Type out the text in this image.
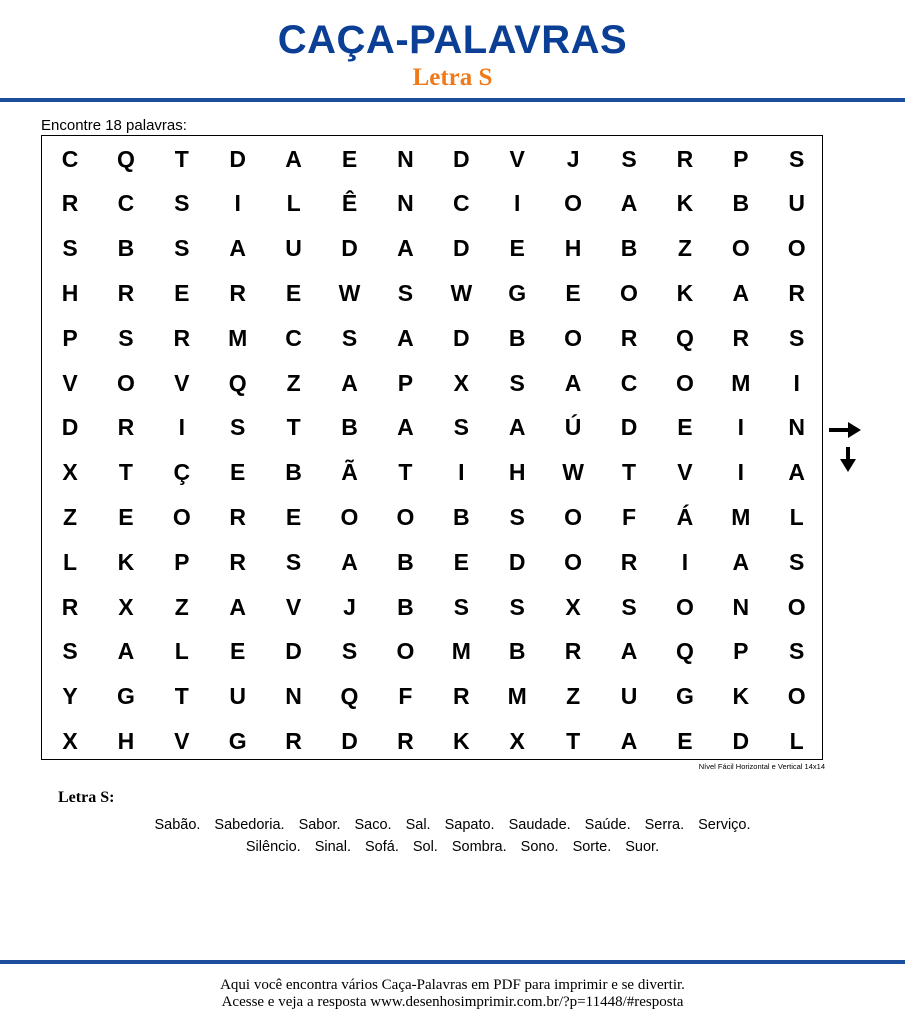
CAÇA-PALAVRAS
Letra S
Encontre 18 palavras:
C	Q	T	D	A	E	N	D	V	J	S	R	P	S
R	C	S	I	L	Ê	N	C	I	O	A	K	B	U
S	B	S	A	U	D	A	D	E	H	B	Z	O	O
H	R	E	R	E	W	S	W	G	E	O	K	A	R
P	S	R	M	C	S	A	D	B	O	R	Q	R	S
V	O	V	Q	Z	A	P	X	S	A	C	O	M	I
D	R	I	S	T	B	A	S	A	Ú	D	E	I	N
X	T	Ç	E	B	Ã	T	I	H	W	T	V	I	A
Z	E	O	R	E	O	O	B	S	O	F	Á	M	L
L	K	P	R	S	A	B	E	D	O	R	I	A	S
R	X	Z	A	V	J	B	S	S	X	S	O	N	O
S	A	L	E	D	S	O	M	B	R	A	Q	P	S
Y	G	T	U	N	Q	F	R	M	Z	U	G	K	O
X	H	V	G	R	D	R	K	X	T	A	E	D	L
Nível Fácil Horizontal e Vertical 14x14
Letra S:
Sabão. Sabedoria. Sabor. Saco. Sal. Sapato. Saudade. Saúde. Serra. Serviço.
Silêncio. Sinal. Sofá. Sol. Sombra. Sono. Sorte. Suor.
Aqui você encontra vários Caça-Palavras em PDF para imprimir e se divertir.
Acesse e veja a resposta www.desenhosimprimir.com.br/?p=11448/#resposta
